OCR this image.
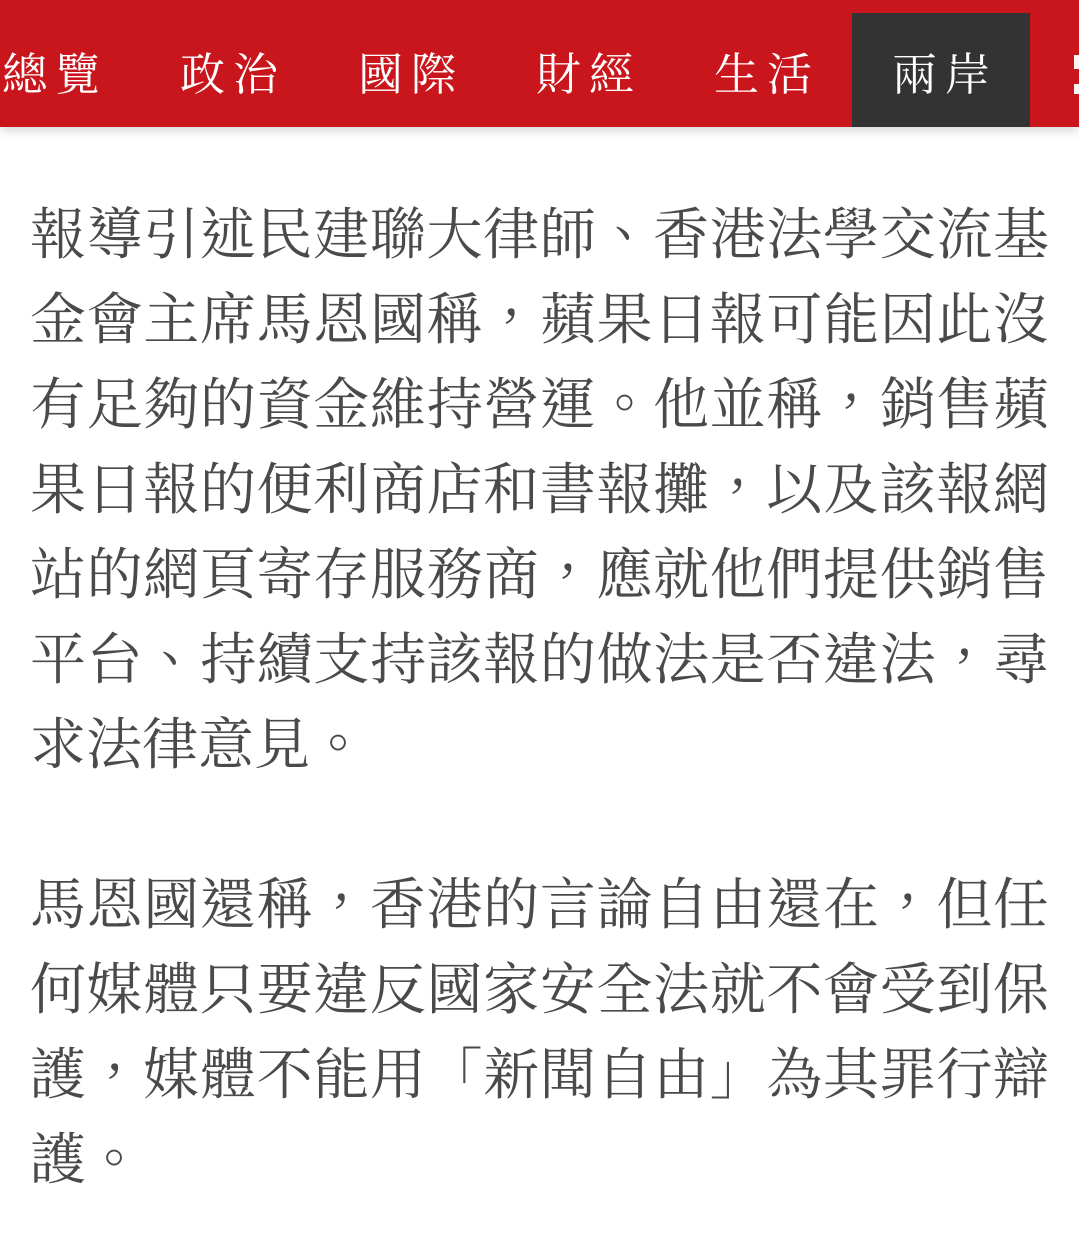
總覽	政治	國際	財經	生活	兩岸
報導引述民建聯大律師、香港法學交流基
金會主席馬恩國稱，蘋果日報可能因此沒
有足夠的資金維持營運。他並稱，銷售蘋
果日報的便利商店和書報攤，以及該報網
站的網頁寄存服務商，應就他們提供銷售
平台、持續支持該報的做法是否違法，尋
求法律意見。
馬恩國還稱，香港的言論自由還在，但任
何媒體只要違反國家安全法就不會受到保
護，媒體不能用「新聞自由」為其罪行辯
護。
